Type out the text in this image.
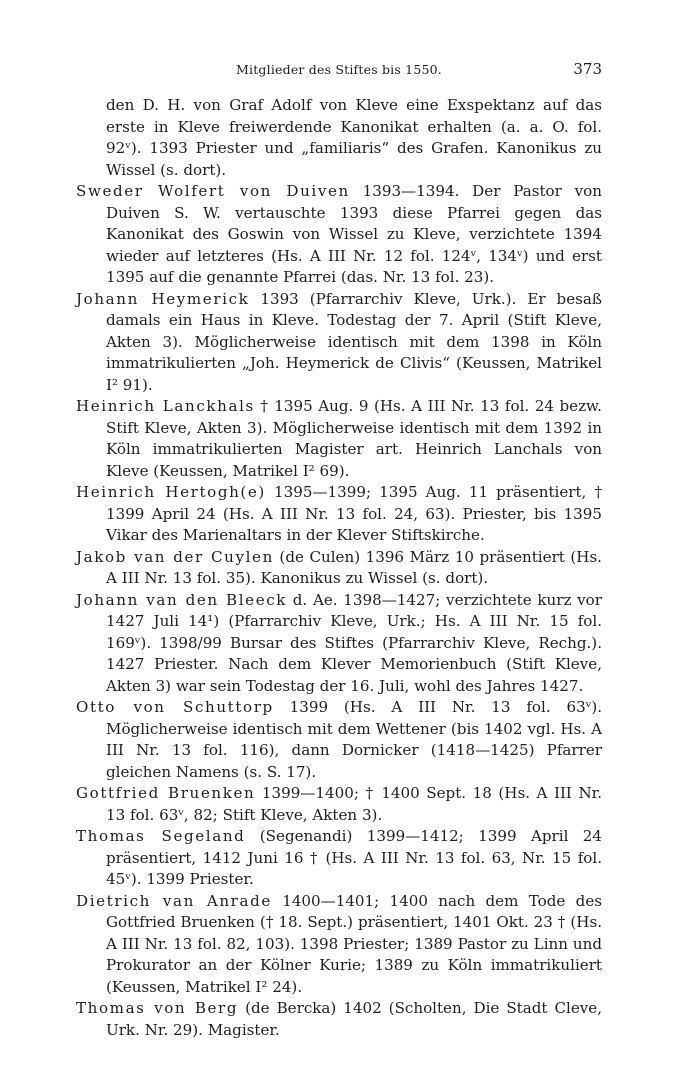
Mitglieder des Stiftes bis 1550.	373

den D. H. von Graf Adolf von Kleve eine Exspektanz auf das erste in Kleve freiwerdende Kanonikat erhalten (a. a. O. fol. 92ᵛ). 1393 Priester und „familiaris“ des Grafen. Kanonikus zu Wissel (s. dort).

Sweder Wolfert von Duiven 1393—1394. Der Pastor von Duiven S. W. vertauschte 1393 diese Pfarrei gegen das Kanonikat des Goswin von Wissel zu Kleve, verzichtete 1394 wieder auf letzteres (Hs. A III Nr. 12 fol. 124ᵛ, 134ᵛ) und erst 1395 auf die genannte Pfarrei (das. Nr. 13 fol. 23).

Johann Heymerick 1393 (Pfarrarchiv Kleve, Urk.). Er besaß damals ein Haus in Kleve. Todestag der 7. April (Stift Kleve, Akten 3). Möglicherweise identisch mit dem 1398 in Köln immatrikulierten „Joh. Heymerick de Clivis“ (Keussen, Matrikel I² 91).

Heinrich Lanckhals † 1395 Aug. 9 (Hs. A III Nr. 13 fol. 24 bezw. Stift Kleve, Akten 3). Möglicherweise identisch mit dem 1392 in Köln immatrikulierten Magister art. Heinrich Lanchals von Kleve (Keussen, Matrikel I² 69).

Heinrich Hertogh(e) 1395—1399; 1395 Aug. 11 präsentiert, † 1399 April 24 (Hs. A III Nr. 13 fol. 24, 63). Priester, bis 1395 Vikar des Marienaltars in der Klever Stiftskirche.

Jakob van der Cuylen (de Culen) 1396 März 10 präsentiert (Hs. A III Nr. 13 fol. 35). Kanonikus zu Wissel (s. dort).

Johann van den Bleeck d. Ae. 1398—1427; verzichtete kurz vor 1427 Juli 14¹) (Pfarrarchiv Kleve, Urk.; Hs. A III Nr. 15 fol. 169ᵛ). 1398/99 Bursar des Stiftes (Pfarrarchiv Kleve, Rechg.). 1427 Priester. Nach dem Klever Memorienbuch (Stift Kleve, Akten 3) war sein Todestag der 16. Juli, wohl des Jahres 1427.

Otto von Schuttorp 1399 (Hs. A III Nr. 13 fol. 63ᵛ). Möglicherweise identisch mit dem Wettener (bis 1402 vgl. Hs. A III Nr. 13 fol. 116), dann Dornicker (1418—1425) Pfarrer gleichen Namens (s. S. 17).

Gottfried Bruenken 1399—1400; † 1400 Sept. 18 (Hs. A III Nr. 13 fol. 63ᵛ, 82; Stift Kleve, Akten 3).

Thomas Segeland (Segenandi) 1399—1412; 1399 April 24 präsentiert, 1412 Juni 16 † (Hs. A III Nr. 13 fol. 63, Nr. 15 fol. 45ᵛ). 1399 Priester.

Dietrich van Anrade 1400—1401; 1400 nach dem Tode des Gottfried Bruenken († 18. Sept.) präsentiert, 1401 Okt. 23 † (Hs. A III Nr. 13 fol. 82, 103). 1398 Priester; 1389 Pastor zu Linn und Prokurator an der Kölner Kurie; 1389 zu Köln immatrikuliert (Keussen, Matrikel I² 24).

Thomas von Berg (de Bercka) 1402 (Scholten, Die Stadt Cleve, Urk. Nr. 29). Magister.
